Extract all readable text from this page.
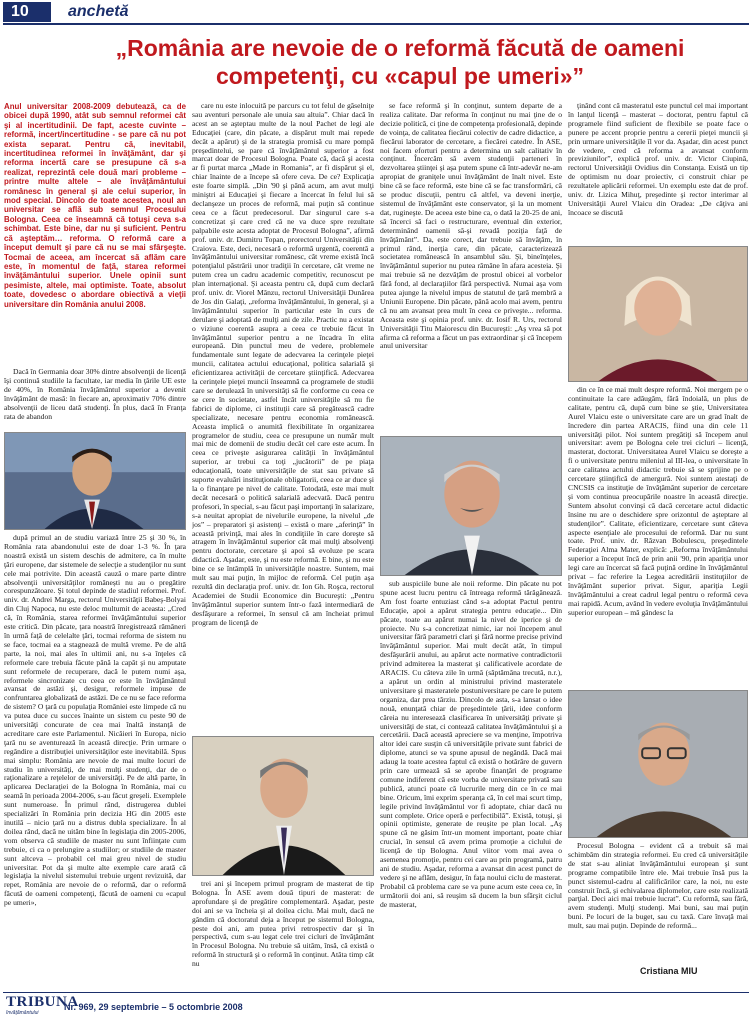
10	anchetă
„România are nevoie de o reformă făcută de oameni competenţi, cu «capul pe umeri»”
Anul universitar 2008-2009 debutează, ca de obicei după 1990, atât sub semnul reformei cât şi al incertitudinii. De fapt, aceste cuvinte – reformă, incert/incertitudine - se pare că nu pot exista separat. Pentru că, inevitabil, incertitudinea reformei în învăţământ, dar şi reforma incertă care se presupune că s-a realizat, reprezintă cele două mari probleme – printre multe altele – ale învăţământului românesc în general şi ale celui superior, în mod special. Dincolo de toate acestea, noul an universitar se află sub semnul Procesului Bologna. Ceea ce înseamnă că totuşi ceva s-a schimbat. Este bine, dar nu şi suficient. Pentru că aşteptăm… reforma. O reformă care a început demult şi pare că nu se mai sfârşeşte. Tocmai de aceea, am încercat să aflăm care este, în momentul de faţă, starea reformei învăţământului superior. Unele opinii sunt pesimiste, altele, mai optimiste. Toate, absolut toate, dovedesc o abordare obiectivă a vieţii universitare din România anului 2008.

Dacă în Germania doar 30% dintre absolvenţii de licenţă îşi continuă studiile la facultate, iar media în ţările UE este de 40%, în România învăţământul superior a devenit învăţământ de masă: în fiecare an, aproximativ 70% dintre absolvenţii de liceu dată studenţi. În plus, dacă în Franţa rata de abandon

după primul an de studiu variază între 25 şi 30 %, în România rata abandonului este de doar 1-3 %. În ţara noastră există un sistem deschis de admitere, ca în multe ţări europene, dar sistemele de selecţie a studenţilor nu sunt cele mai potrivite. Din această cauză o mare parte dintre absolvenţii universităţilor românești nu au o pregătire corespunzătoare. Şi totul depinde de stadiul reformei. Prof. univ. dr. Andrei Marga, rectorul Universităţii Babeş-Bolyai din Cluj Napoca, nu este deloc multumit de aceasta: „Cred că, în România, starea reformei învăţământului superior este critică. Din păcate, ţara noastră înregistrează rămâneri în urmă faţă de celelalte ţări, tocmai reforma de sistem nu se face, tocmai ea a stagnează de multă vreme. Pe de altă parte, la noi, mai ales în ultimii ani, nu s-a înţeles că reformele care trebuia făcute până la capăt şi nu amputate sunt reformele de recuperare, dacă le putem numi aşa, reformele sincronizate cu ceea ce este în învăţământul avansat de astăzi şi, desigur, reformele impuse de confruntarea globalizată de astăzi. De ce nu se face reforma de sistem? O ţară cu populaţia României este limpede că nu va putea duce cu succes înainte un sistem cu peste 90 de universităţi concurate de cea mai înaltă instanţă de acreditare care este Parlamentul. Nicăieri în Europa, nicio ţară nu se aventurează în această direcţie. Prin urmare o regândire a distribuţiei universităţilor este inevitabilă. Spus mai simplu: România are nevoie de mai multe locuri de studiu în universităţi, de mai mulţi studenţi, dar de o raţionalizare a reţelelor de universităţi. Pe de altă parte, în aplicarea Declaraţiei de la Bologna în România, mai cu seamă în perioada 2004-2006, s-au făcut greşeli. Exemplele sunt numeroase. În primul rând, distrugerea dublei specializări în România prin decizia HG din 2005 este inutilă – nicio ţară nu a distrus dubla specializare. În al doilea rând, dacă ne uităm bine în legislaţia din 2005-2006, vom observa că studiile de master nu sunt înfiinţate cum trebuie, ci ca o prelungire a studiilor; or studiile de master sunt altceva – probabil cel mai greu nivel de studiu universitar. Pot da şi multe alte exemple care arată că legislaţia la nivelul sistemului trebuie urgent revizuită, dar repet, România are nevoie de o reformă, dar o reformă făcută de oameni competenţi, făcută de oameni cu «capul pe umeri»,

care nu este inlocuită pe parcurs cu tot felul de găselniţe sau aventuri personale ale unuia sau altuia”. Chiar dacă în acest an se aşteptau multe de la noul Pachet de legi ale Educaţiei (care, din păcate, a dispărut mult mai repede decât a apărut) şi de la strategia promisă cu mare pompă preşedintelui, se pare că învăţământul superior a fost marcat doar de Procesul Bologna. Poate că, dacă şi acesta ar fi purtat marca „Made in Romania”, ar fi dispărut şi el, chiar înainte de a începe să ofere ceva. De ce? Explicaţia este foarte simplă. „Din '90 şi până acum, am avut mulţi miniştri ai Educaţiei şi fiecare a încercat în felul lui să declanşeze un proces de reformă, mai puţin să continue ceea ce a făcut predecesorul. Dar singurul care s-a concretizat şi care cred că ne va duce spre rezultate palpabile este acesta adoptat de Procesul Bologna”, afirmă prof. univ. dr. Dumitru Topan, prorectorul Universităţii din Craiova. Este, deci, necesară o reformă urgentă, coerentă a învăţământului universitar românesc, cât vreme există încă potenţialul păstrării unor tradiţii în cercetare, cât vreme ne putem crea un cadru academic competitiv, recunoscut pe plan internaţional. Şi aceasta pentru că, după cum declară prof. univ. dr. Viorel Mânzu, rectorul Universităţii Dunărea de Jos din Galaţi, „reforma învăţământului, în general, şi a învăţământului superior în particular este în curs de derulare şi adoptată de mulţi ani de zile. Practic nu a existat o viziune coerentă asupra a ceea ce trebuie făcut în învăţământul superior pentru a ne încadra în elita europeană. Din punctul meu de vedere, problemele fundamentale sunt legate de adecvarea la cerinţele pieţei muncii, calitatea actului educaţional, politica salarială şi eficientizarea activităţii de cercetare ştiinţifică. Adecvarea la cerinţele pieţei muncii înseamnă ca programele de studii care se derulează în universităţi să fie conforme cu ceea ce se cere în societate, astfel încât universităţile să nu fie fabrici de diplome, ci instituţii care să pregătească cadre specializate, necesare pentru economia românească. Aceasta implică o anumită flexibilitate în organizarea programelor de studiu, ceea ce presupune un număr mult mai mic de domenii de studiu decât cel care este acum. În ceea ce priveşte asigurarea calităţii în învăţământul superior, ar trebui ca toţi „jucătorii” de pe piaţa educaţională, toate universităţile de stat sau private să suporte evaluări instituţionale obligatorii, ceea ce ar duce şi la o finanţare pe nivel de calitate. Totodată, este mai mult decât necesară o politică salarială adecvată. Dacă pentru profesori, în special, s-au făcut paşi importanţi în salarizare, s-a neuitat apropiat de nivelurile europene, la nivelul „de jos” – preparatori şi asistenţi – există o mare „aferinţă” în această privinţă, mai ales în condiţiile în care doreşte să atragem în învăţământul superior cât mai mulţi absolvenţi pentru doctorate, cercetare şi apoi să evoluze pe scara didactică. Aşadar, este, şi nu este reformă. E bine, şi nu este bine ce se întâmplă în universităţile noastre. Suntem, mai mult sau mai puţin, în mijloc de reformă. Cel puţin aşa rezultă din declaraţia prof. univ. dr. Ion Gh. Roşca, rectorul Academiei de Studii Economice din Bucureşti: „Pentru învăţământul superior suntem într-o fază intermediară de desfăşurare a reformei, în sensul că am încheiat primul program de licenţă de

trei ani şi începem primul program de masterat de tip Bologna. În ASE avem două tipuri de masterat: de aprofundare şi de pregătire complementară. Aşadar, peste doi ani se va încheia şi al doilea ciclu. Mai mult, dacă ne gândim că doctoratul deja a început pe sistemul Bologna, peste doi ani, am putea privi retrospectiv dar şi în perspectivă, cum s-au legat cele trei cicluri de învăţământ în Procesul Bologna. Nu trebuie să uităm, însă, că există o reformă în structură şi o reformă în conţinut. Atâta timp cât nu

se face reformă şi în conţinut, suntem departe de a realiza calitate. Dar reforma în conţinut nu mai ţine de o decizie politică, ci ţine de competenţa profesională, depinde de voinţa, de calitatea fiecărui colectiv de cadre didactice, a fiecărui laborator de cercetare, a fiecărei catedre. În ASE, noi facem eforturi pentru a determina un salt calitativ în conţinut. Încercăm să avem studenţii parteneri în dezvoltarea ştiinţei şi aşa putem spune că într-adevăr ne-am apropiat de graniţele unui învăţământ de înalt nivel. Este bine că se face reformă, este bine că se fac transformări, că se produc discuţii, pentru că altfel, va deveni inerţie, sistemul de învăţământ este conservator, şi la un moment dat, rugineşte. De aceea este bine ca, o dată la 20-25 de ani, să încerci să faci o restructurare, eventual din exterior, determinând oamenii să-şi revadă poziţia faţă de învăţământ”. Da, este corect, dar trebuie să învăţăm, în primul rând, inerţia care, din păcate, caracterizează societatea românească în ansamblul său. Şi, bineînţeles, învăţământul superior nu putea rămâne în afara acesteia. Şi mai trebuie să ne dezvăţăm de prostul obicei al vorbelor fără fond, al declaraţiilor fără perspectivă. Numai aşa vom putea ajunge la nivelul impus de statutul de ţară membră a Uniunii Europene. Din păcate, până acolo mai avem, pentru că nu am avansat prea mult în ceea ce priveşte... reforma. Aceasta este şi opinia prof. univ. dr. Iosif R. Urs, rectorul Universităţii Titu Maiorescu din Bucureşti: „Aş vrea să pot afirma că reforma a făcut un pas extraordinar şi că începem anul universitar

sub auspiciile bune ale noii reforme. Din păcate nu pot spune acest lucru pentru că întreaga reformă tărăgănează. Am fost foarte entuziast când s-a adoptat Pactul pentru Educaţie, apoi a apărut strategia pentru educaţie... Din păcate, toate au apărut numai la nivel de iperice şi de proiecte. Nu s-a concretizat nimic, iar noi începem anul universitar fără parametri clari şi fără norme precise privind învăţământul superior. Mai mult decât atât, în timpul desfăşurării anului, au apărut acte normative contradictorii privind admiterea la masterat şi calificativele acordate de ARACIS. Cu câteva zile în urmă (săptămâna trecută, n.r.), a apărut un ordin al ministrului privind masteratele universitare şi masteratele postuniversitare pe care le putem organiza, dar prea târziu. Dincolo de asta, s-a lansat o idee nouă, enunţată chiar de preşedintele ţării, idee conform căreia nu interesează clasificarea în universităţi private şi universităţi de stat, ci contează calitatea învăţământului şi a cercetării. Dacă această apreciere se va menţine, împotriva altor idei care susţin că universităţile private sunt fabrici de diplome, atunci se va spune apusul de negândă. Dacă mai adaug la toate acestea faptul că există o hotărâre de guvern prin care urmează să se aprobe finanţări de programe comune indiferent că este vorba de universitate privată sau publică, atunci poate că lucrurile merg din ce în ce mai bine. Oricum, îmi exprim speranţa că, în cel mai scurt timp, legile privind învăţământul vor fi adoptate, chiar dacă nu sunt complete. Orice operă e perfectibilă”. Există, totuşi, şi opinii optimiste, generate de reuşite pe plan local. „Aş spune că ne găsim într-un moment important, poate chiar crucial, în sensul că avem prima promoţie a ciclului de licenţă de tip Bologna. Anul viitor vom mai avea o asemenea promoţie, pentru cei care au prin programă, patru ani de studiu. Aşadar, reforma a avansat din acest punct de vedere şi ne aflăm, desigur, în faţa noului ciclu de masterat. Probabil că problema care se va pune acum este ceea ce, în următorii doi ani, să reuşim să ducem la bun sfârşit ciclul de masterat,

ţinând cont că masteratul este punctul cel mai important în lanţul licenţă – masterat – doctorat, pentru faptul că programele fiind suficient de flexibile se poate face o punere pe accent proprie pentru a cererii pieţei muncii şi prin urmare universităţile îl vor da. Aşadar, din acest punct de vedere, cred că reforma a avansat conform previziunilor”, explică prof. univ. dr. Victor Ciupină, rectorul Universităţii Ovidius din Constanţa. Există un tip de optimism nu doar proiectiv, ci construit chiar pe rezultatele aplicării reformei. Un exemplu este dat de prof. univ. dr. Lizica Mihuţ, preşedinte şi rector interimar al Universităţii Aurel Vlaicu din Oradea: „De câţiva ani încoace se discută

din ce în ce mai mult despre reformă. Noi mergem pe o continuitate la care adăugăm, fără îndoială, un plus de calitate, pentru că, după cum bine se ştie, Universitatea Aurel Vlaicu este o universitate care are un grad înalt de încredere din partea ARACIS, fiind una din cele 11 universităţi pilot. Noi suntem pregătiţi să începem anul universitar: avem pe Bologna cele trei cicluri – licenţă, masterat, doctorat. Universitatea Aurel Vlaicu se doreşte a fi o universitate pentru mileniul al III-lea, o universitate în care calitatea actului didactic trebuie să se sprijine pe o cercetare ştiinţifică de amergură. Noi suntem atestaţi de CNCSIS ca instituţie de învăţământ superior de cercetare şi vom continua preocupările noastre în această direcţie. Suntem absolut convinşi că dacă cercetare actul didactic însine nu are o deschidere spre orizontul de aşteptare al studenţilor”. Calitate, eficientizare, cercetare sunt câteva aspecte esenţiale ale procesului de reformă. Dar nu sunt toate. Prof. univ. dr. Răzvan Bobulescu, preşedintele Federaţiei Alma Mater, explică: „Reforma învăţământului superior a început încă de prin anii '90, prin apariţia unor legi care au încercat să facă puţină ordine în învăţământul privat – fac referire la Legea acreditării instituţiilor de învăţământ superior privat. Sigur, apariţia Legii învăţământului a creat cadrul legal pentru o reformă ceva mai rapidă. Acum, având în vedere evoluţia învăţământului superior european – mă gândesc la

Procesul Bologna – evident că a trebuit să mai schimbăm din strategia reformei. Eu cred că universităţile de stat s-au aliniat învăţământului european şi sunt programe compatibile între ele. Mai trebuie însă pus la punct sistemul-cadru al calificărilor care, la noi, nu este construit încă, şi echivalarea diplomelor, care este realizată parţial. Deci aici mai trebuie lucrat”. Cu reformă, sau fără, avem studenţi. Mulţi studenţi. Mai buni, sau mai puţin buni. Pe locuri de la buget, sau cu taxă. Care învaţă mai mult, sau mai puţin. Depinde de reformă...

Cristiana MIU
TRIBUNA
învăţământului
Nr. 969, 29 septembrie – 5 octombrie 2008
